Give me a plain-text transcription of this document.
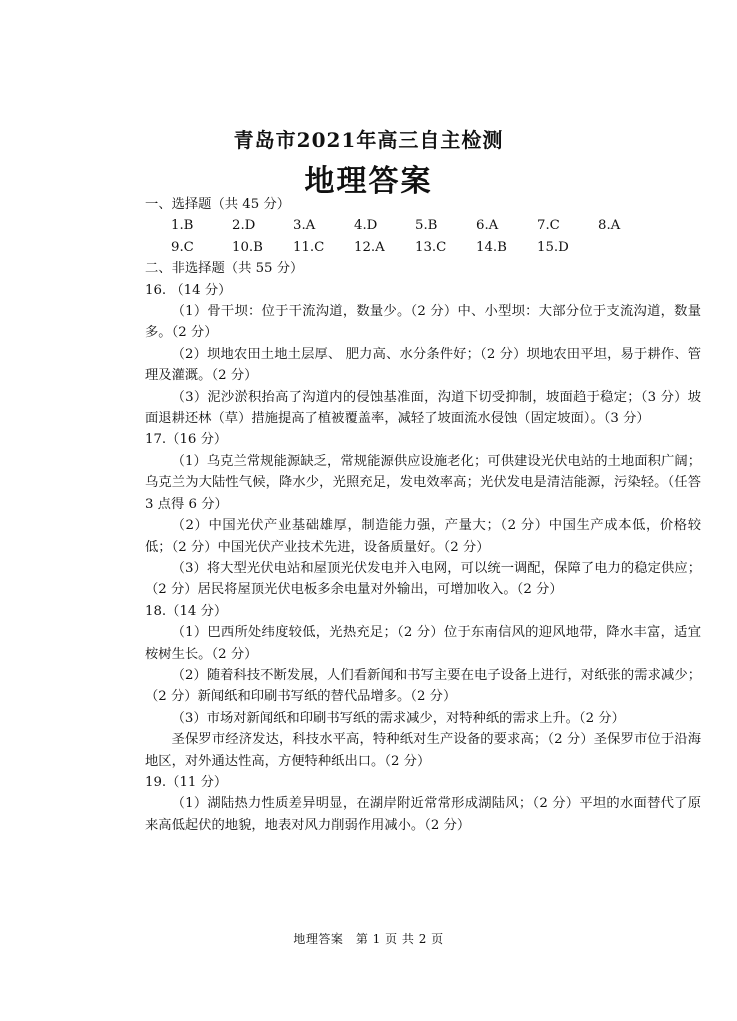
青岛市2021年高三自主检测
地理答案
一、选择题（共 45 分）
1.B	2.D	3.A	4.D	5.B	6.A	7.C	8.A
9.C	10.B 11.C 12.A 13.C 14.B 15.D
二、非选择题（共 55 分）
16. （14 分）
（1）骨干坝：位于干流沟道，数量少。（2 分）中、小型坝：大部分位于支流沟道，数量多。（2 分）
（2）坝地农田土地土层厚、 肥力高、水分条件好；（2 分）坝地农田平坦，易于耕作、管理及灌溉。（2 分）
（3）泥沙淤积抬高了沟道内的侵蚀基准面，沟道下切受抑制，坡面趋于稳定；（3 分）坡面退耕还林（草）措施提高了植被覆盖率，减轻了坡面流水侵蚀（固定坡面）。（3 分）
17.（16 分）
（1）乌克兰常规能源缺乏，常规能源供应设施老化；可供建设光伏电站的土地面积广阔；乌克兰为大陆性气候，降水少，光照充足，发电效率高；光伏发电是清洁能源，污染轻。（任答 3 点得 6 分）
（2）中国光伏产业基础雄厚，制造能力强，产量大；（2 分）中国生产成本低，价格较低；（2 分）中国光伏产业技术先进，设备质量好。（2 分）
（3）将大型光伏电站和屋顶光伏发电并入电网，可以统一调配，保障了电力的稳定供应；（2 分）居民将屋顶光伏电板多余电量对外输出，可增加收入。（2 分）
18.（14 分）
（1）巴西所处纬度较低，光热充足；（2 分）位于东南信风的迎风地带，降水丰富，适宜桉树生长。（2 分）
（2）随着科技不断发展，人们看新闻和书写主要在电子设备上进行，对纸张的需求减少；（2 分）新闻纸和印刷书写纸的替代品增多。（2 分）
（3）市场对新闻纸和印刷书写纸的需求减少，对特种纸的需求上升。（2 分）
圣保罗市经济发达，科技水平高，特种纸对生产设备的要求高；（2 分）圣保罗市位于沿海地区，对外通达性高，方便特种纸出口。（2 分）
19.（11 分）
（1）湖陆热力性质差异明显，在湖岸附近常常形成湖陆风；（2 分）平坦的水面替代了原来高低起伏的地貌，地表对风力削弱作用减小。（2 分）
地理答案　第 1 页 共 2 页
